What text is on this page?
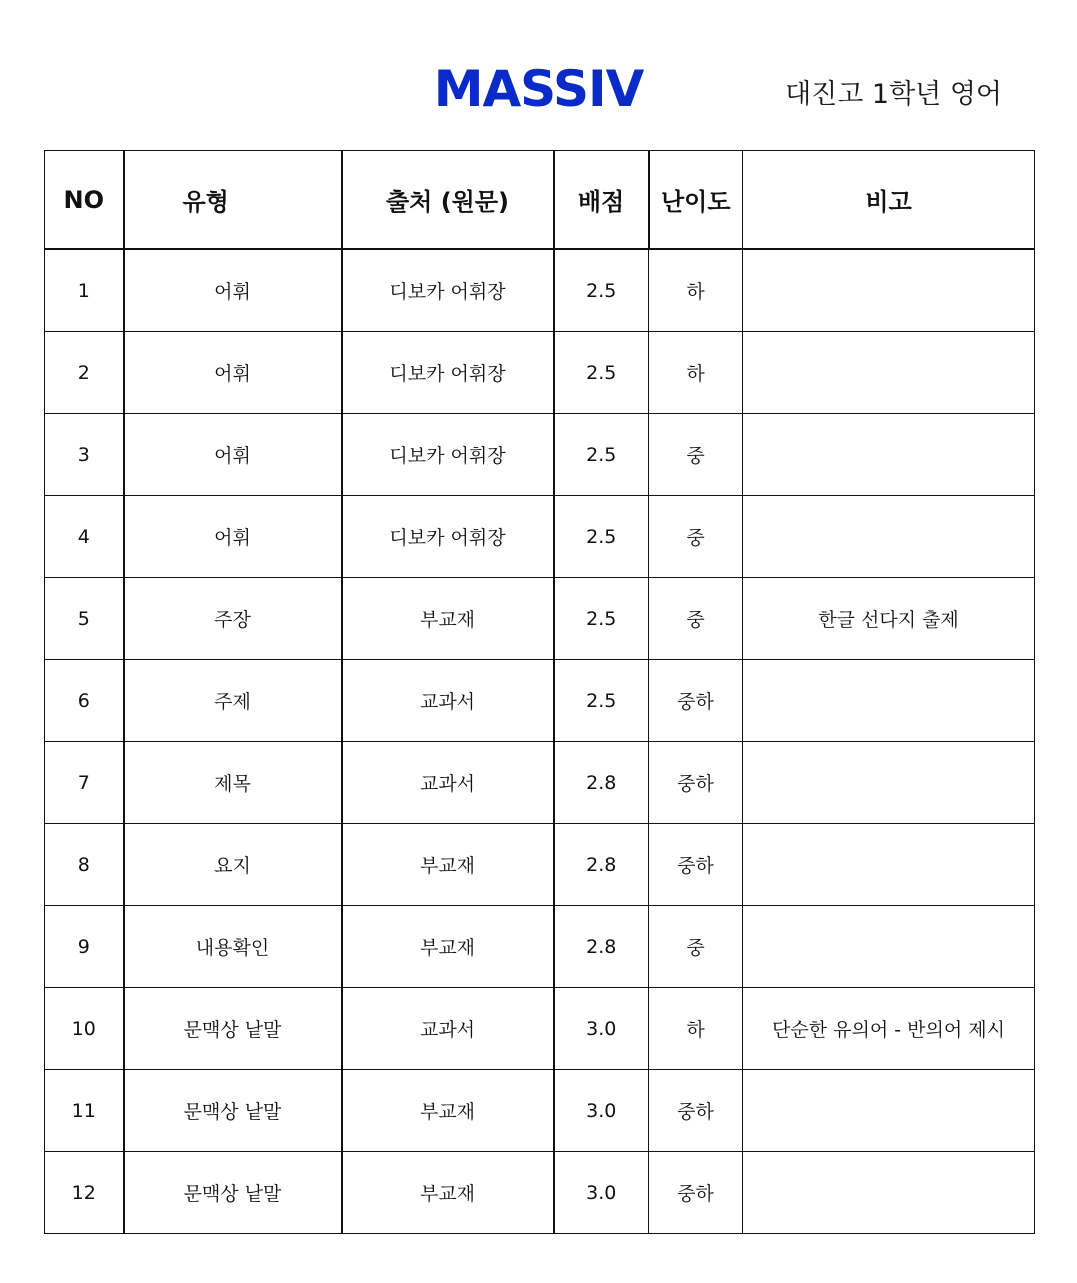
MASSIV	대진고 1학년 영어
NO	유형	출처 (원문)	배점	난이도	비고
1	어휘	디보카 어휘장	2.5	하	
2	어휘	디보카 어휘장	2.5	하	
3	어휘	디보카 어휘장	2.5	중	
4	어휘	디보카 어휘장	2.5	중	
5	주장	부교재	2.5	중	한글 선다지 출제
6	주제	교과서	2.5	중하	
7	제목	교과서	2.8	중하	
8	요지	부교재	2.8	중하	
9	내용확인	부교재	2.8	중	
10	문맥상 낱말	교과서	3.0	하	단순한 유의어 - 반의어 제시
11	문맥상 낱말	부교재	3.0	중하	
12	문맥상 낱말	부교재	3.0	중하	
